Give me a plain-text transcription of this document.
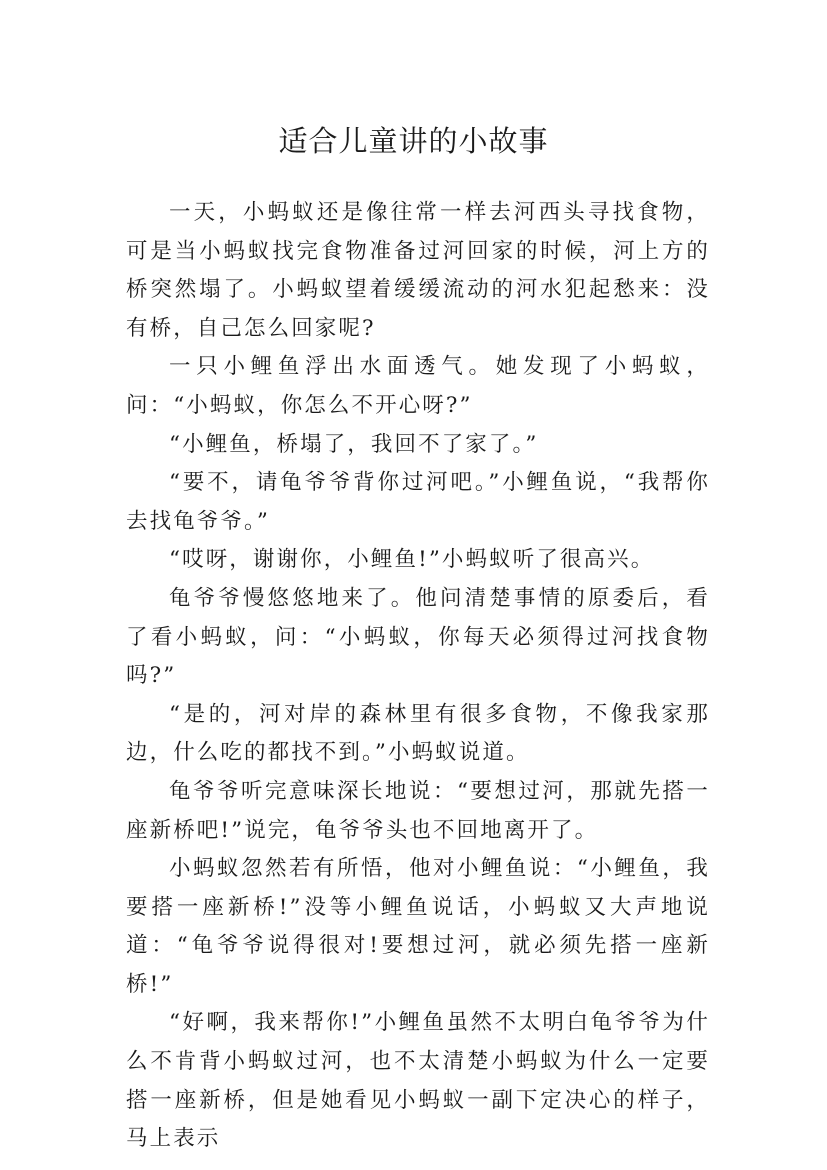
适合儿童讲的小故事

一天，小蚂蚁还是像往常一样去河西头寻找食物，可是当小蚂蚁找完食物准备过河回家的时候，河上方的桥突然塌了。小蚂蚁望着缓缓流动的河水犯起愁来：没有桥，自己怎么回家呢?

一只小鲤鱼浮出水面透气。她发现了小蚂蚁，问：“小蚂蚁，你怎么不开心呀?”

“小鲤鱼，桥塌了，我回不了家了。”

“要不，请龟爷爷背你过河吧。”小鲤鱼说，“我帮你去找龟爷爷。”

“哎呀，谢谢你，小鲤鱼!”小蚂蚁听了很高兴。

龟爷爷慢悠悠地来了。他问清楚事情的原委后，看了看小蚂蚁，问：“小蚂蚁，你每天必须得过河找食物吗?”

“是的，河对岸的森林里有很多食物，不像我家那边，什么吃的都找不到。”小蚂蚁说道。

龟爷爷听完意味深长地说：“要想过河，那就先搭一座新桥吧!”说完，龟爷爷头也不回地离开了。

小蚂蚁忽然若有所悟，他对小鲤鱼说：“小鲤鱼，我要搭一座新桥!”没等小鲤鱼说话，小蚂蚁又大声地说道：“龟爷爷说得很对!要想过河，就必须先搭一座新桥!”

“好啊，我来帮你!”小鲤鱼虽然不太明白龟爷爷为什么不肯背小蚂蚁过河，也不太清楚小蚂蚁为什么一定要搭一座新桥，但是她看见小蚂蚁一副下定决心的样子，马上表示
